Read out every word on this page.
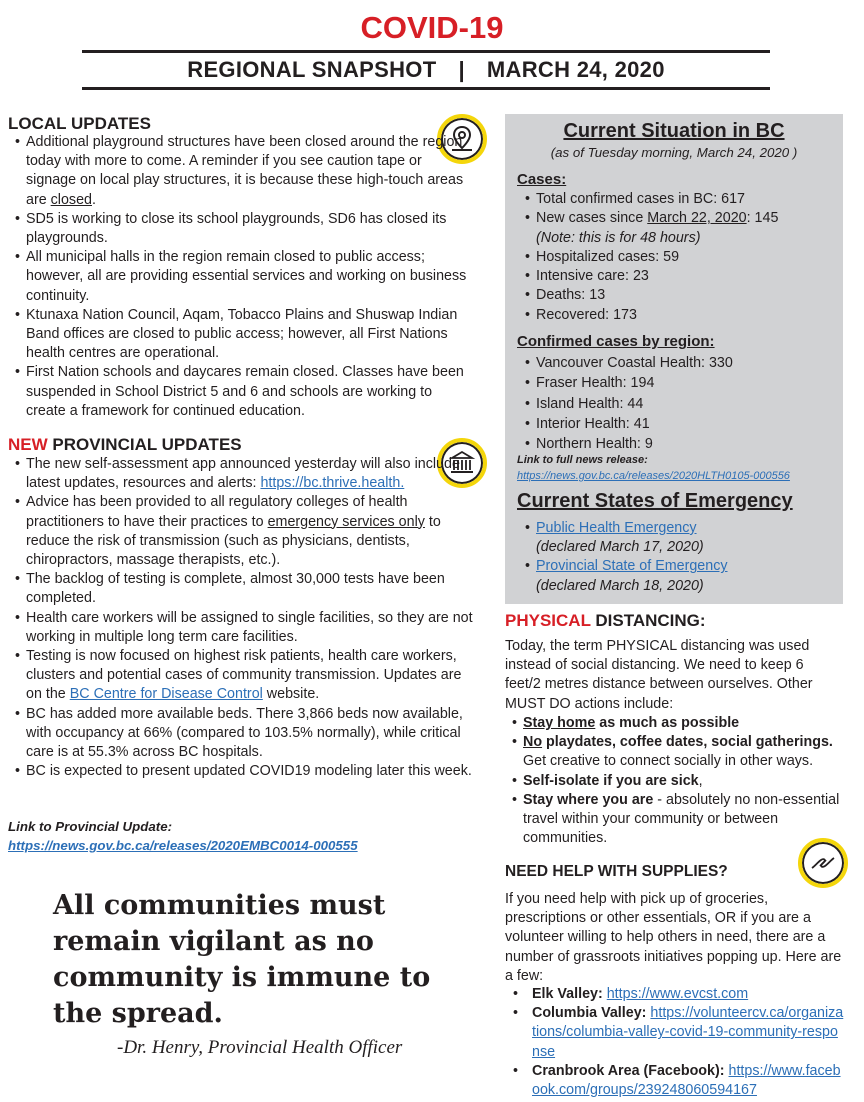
COVID-19
REGIONAL SNAPSHOT | MARCH 24, 2020
LOCAL UPDATES
• Additional playground structures have been closed around the region today with more to come. A reminder if you see caution tape or signage on local play structures, it is because these high-touch areas are closed.
• SD5 is working to close its school playgrounds, SD6 has closed its playgrounds.
• All municipal halls in the region remain closed to public access; however, all are providing essential services and working on business continuity.
• Ktunaxa Nation Council, Aqam, Tobacco Plains and Shuswap Indian Band offices are closed to public access; however, all First Nations health centres are operational.
• First Nation schools and daycares remain closed. Classes have been suspended in School District 5 and 6 and schools are working to create a framework for continued education.
NEW PROVINCIAL UPDATES
• The new self-assessment app announced yesterday will also include latest updates, resources and alerts: https://bc.thrive.health.
• Advice has been provided to all regulatory colleges of health practitioners to have their practices to emergency services only to reduce the risk of transmission (such as physicians, dentists, chiropractors, massage therapists, etc.).
• The backlog of testing is complete, almost 30,000 tests have been completed.
• Health care workers will be assigned to single facilities, so they are not working in multiple long term care facilities.
• Testing is now focused on highest risk patients, health care workers, clusters and potential cases of community transmission. Updates are on the BC Centre for Disease Control website.
• BC has added more available beds. There 3,866 beds now available, with occupancy at 66% (compared to 103.5% normally), while critical care is at 55.3% across BC hospitals.
• BC is expected to present updated COVID19 modeling later this week.
Link to Provincial Update:
https://news.gov.bc.ca/releases/2020EMBC0014-000555
All communities must remain vigilant as no community is immune to the spread.
-Dr. Henry, Provincial Health Officer
Current Situation in BC
(as of Tuesday morning, March 24, 2020 )
Cases:
• Total confirmed cases in BC: 617
• New cases since March 22, 2020: 145
(Note: this is for 48 hours)
• Hospitalized cases: 59
• Intensive care: 23
• Deaths: 13
• Recovered: 173
Confirmed cases by region:
• Vancouver Coastal Health: 330
• Fraser Health: 194
• Island Health: 44
• Interior Health: 41
• Northern Health: 9
Link to full news release:
https://news.gov.bc.ca/releases/2020HLTH0105-000556
Current States of Emergency
• Public Health Emergency
(declared March 17, 2020)
• Provincial State of Emergency
(declared March 18, 2020)
PHYSICAL DISTANCING:
Today, the term PHYSICAL distancing was used instead of social distancing. We need to keep 6 feet/2 metres distance between ourselves. Other MUST DO actions include:
• Stay home as much as possible
• No playdates, coffee dates, social gatherings. Get creative to connect socially in other ways.
• Self-isolate if you are sick,
• Stay where you are - absolutely no non-essential travel within your community or between communities.
NEED HELP WITH SUPPLIES?
If you need help with pick up of groceries, prescriptions or other essentials, OR if you are a volunteer willing to help others in need, there are a number of grassroots initiatives popping up. Here are a few:
• Elk Valley: https://www.evcst.com
• Columbia Valley: https://volunteercv.ca/organizations/columbia-valley-covid-19-community-response
• Cranbrook Area (Facebook): https://www.facebook.com/groups/239248060594167
